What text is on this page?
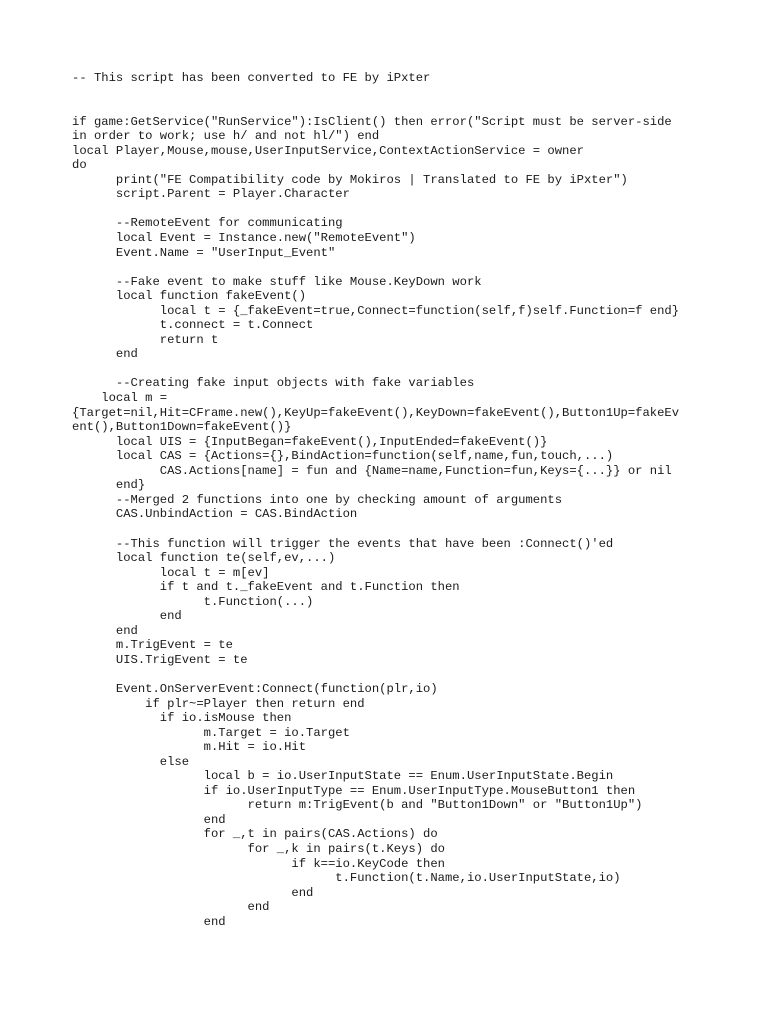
-- This script has been converted to FE by iPxter
if game:GetService("RunService"):IsClient() then error("Script must be server-side
in order to work; use h/ and not hl/") end
local Player,Mouse,mouse,UserInputService,ContextActionService = owner
do
print("FE Compatibility code by Mokiros | Translated to FE by iPxter")
script.Parent = Player.Character
--RemoteEvent for communicating
local Event = Instance.new("RemoteEvent")
Event.Name = "UserInput_Event"
--Fake event to make stuff like Mouse.KeyDown work
local function fakeEvent()
local t = {_fakeEvent=true,Connect=function(self,f)self.Function=f end}
t.connect = t.Connect
return t
end
--Creating fake input objects with fake variables
local m =
{Target=nil,Hit=CFrame.new(),KeyUp=fakeEvent(),KeyDown=fakeEvent(),Button1Up=fakeEv
ent(),Button1Down=fakeEvent()}
local UIS = {InputBegan=fakeEvent(),InputEnded=fakeEvent()}
local CAS = {Actions={},BindAction=function(self,name,fun,touch,...)
CAS.Actions[name] = fun and {Name=name,Function=fun,Keys={...}} or nil
end}
--Merged 2 functions into one by checking amount of arguments
CAS.UnbindAction = CAS.BindAction
--This function will trigger the events that have been :Connect()'ed
local function te(self,ev,...)
local t = m[ev]
if t and t._fakeEvent and t.Function then
t.Function(...)
end
end
m.TrigEvent = te
UIS.TrigEvent = te
Event.OnServerEvent:Connect(function(plr,io)
if plr~=Player then return end
if io.isMouse then
m.Target = io.Target
m.Hit = io.Hit
else
local b = io.UserInputState == Enum.UserInputState.Begin
if io.UserInputType == Enum.UserInputType.MouseButton1 then
return m:TrigEvent(b and "Button1Down" or "Button1Up")
end
for _,t in pairs(CAS.Actions) do
for _,k in pairs(t.Keys) do
if k==io.KeyCode then
t.Function(t.Name,io.UserInputState,io)
end
end
end
